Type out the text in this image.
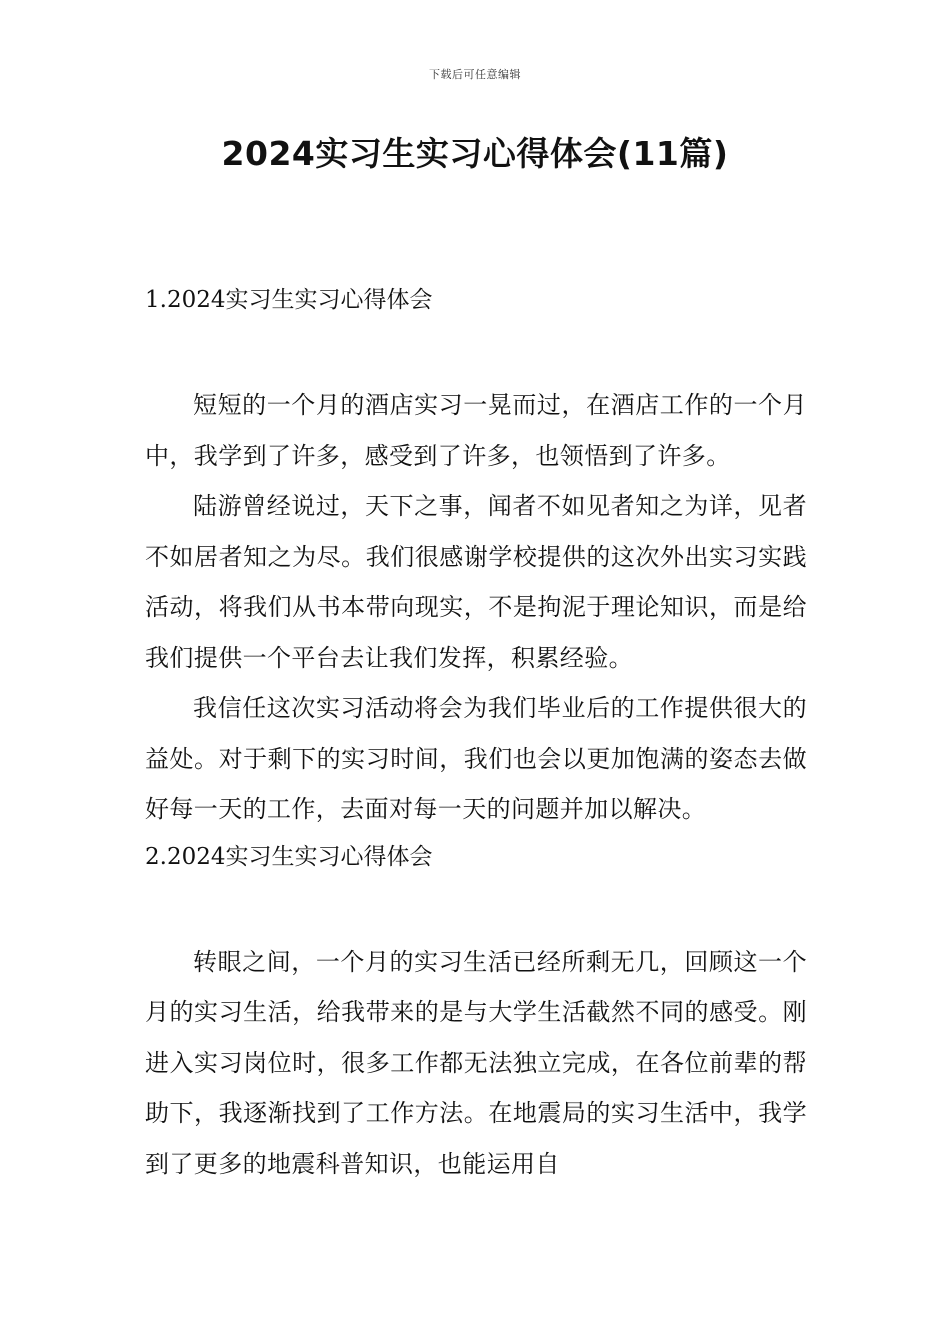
下载后可任意编辑
2024实习生实习心得体会(11篇)
1.2024实习生实习心得体会

短短的一个月的酒店实习一晃而过，在酒店工作的一个月中，我学到了许多，感受到了许多，也领悟到了许多。

陆游曾经说过，天下之事，闻者不如见者知之为详，见者不如居者知之为尽。我们很感谢学校提供的这次外出实习实践活动，将我们从书本带向现实，不是拘泥于理论知识，而是给我们提供一个平台去让我们发挥，积累经验。

我信任这次实习活动将会为我们毕业后的工作提供很大的益处。对于剩下的实习时间，我们也会以更加饱满的姿态去做好每一天的工作，去面对每一天的问题并加以解决。

2.2024实习生实习心得体会

转眼之间，一个月的实习生活已经所剩无几，回顾这一个月的实习生活，给我带来的是与大学生活截然不同的感受。刚进入实习岗位时，很多工作都无法独立完成，在各位前辈的帮助下，我逐渐找到了工作方法。在地震局的实习生活中，我学到了更多的地震科普知识，也能运用自
